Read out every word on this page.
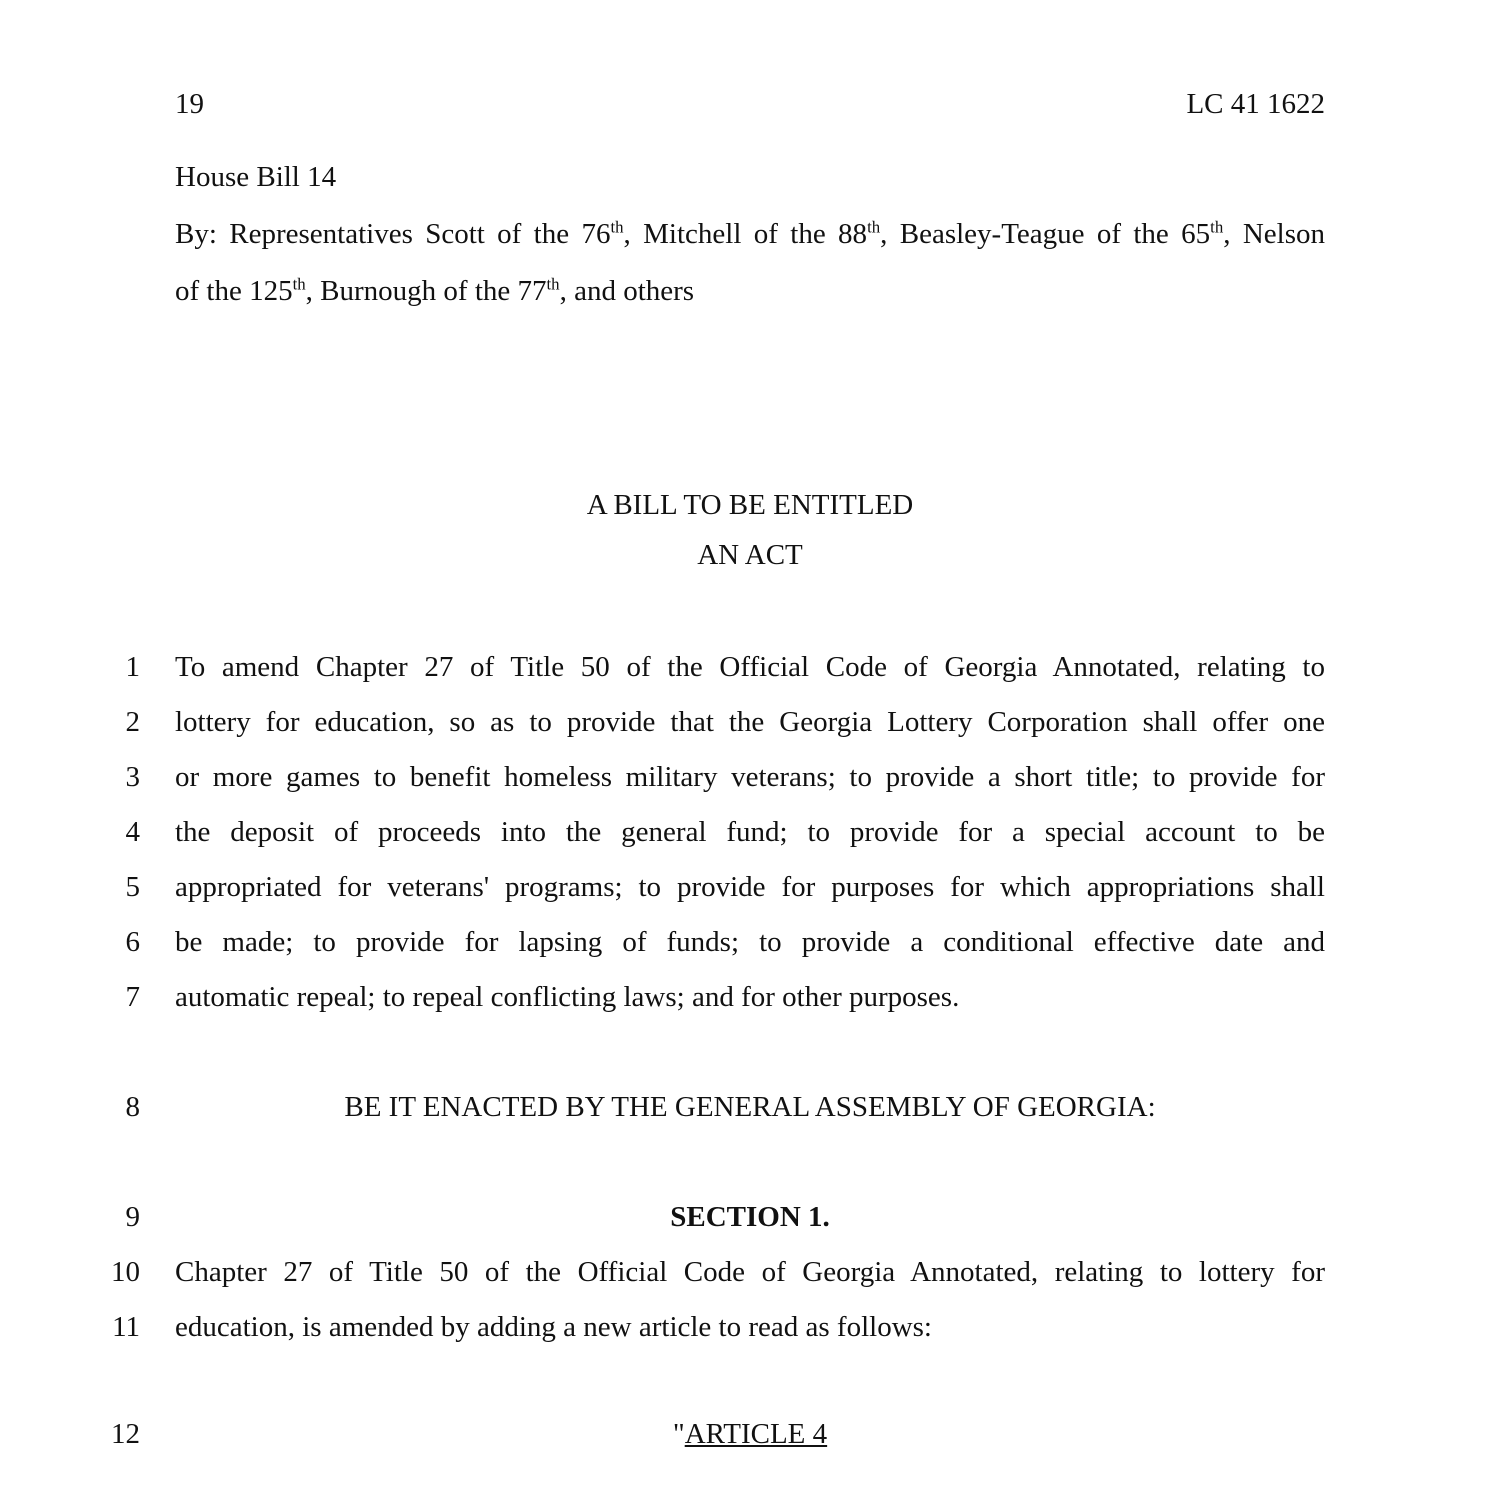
19	LC 41 1622
House Bill 14
By: Representatives Scott of the 76th, Mitchell of the 88th, Beasley-Teague of the 65th, Nelson
of the 125th, Burnough of the 77th, and others
A BILL TO BE ENTITLED
AN ACT
1 To amend Chapter 27 of Title 50 of the Official Code of Georgia Annotated, relating to
2 lottery for education, so as to provide that the Georgia Lottery Corporation shall offer one
3 or more games to benefit homeless military veterans; to provide a short title; to provide for
4 the deposit of proceeds into the general fund; to provide for a special account to be
5 appropriated for veterans' programs; to provide for purposes for which appropriations shall
6 be made; to provide for lapsing of funds; to provide a conditional effective date and
7 automatic repeal; to repeal conflicting laws; and for other purposes.
8	BE IT ENACTED BY THE GENERAL ASSEMBLY OF GEORGIA:
9	SECTION 1.
10 Chapter 27 of Title 50 of the Official Code of Georgia Annotated, relating to lottery for
11 education, is amended by adding a new article to read as follows:
12	"ARTICLE 4
